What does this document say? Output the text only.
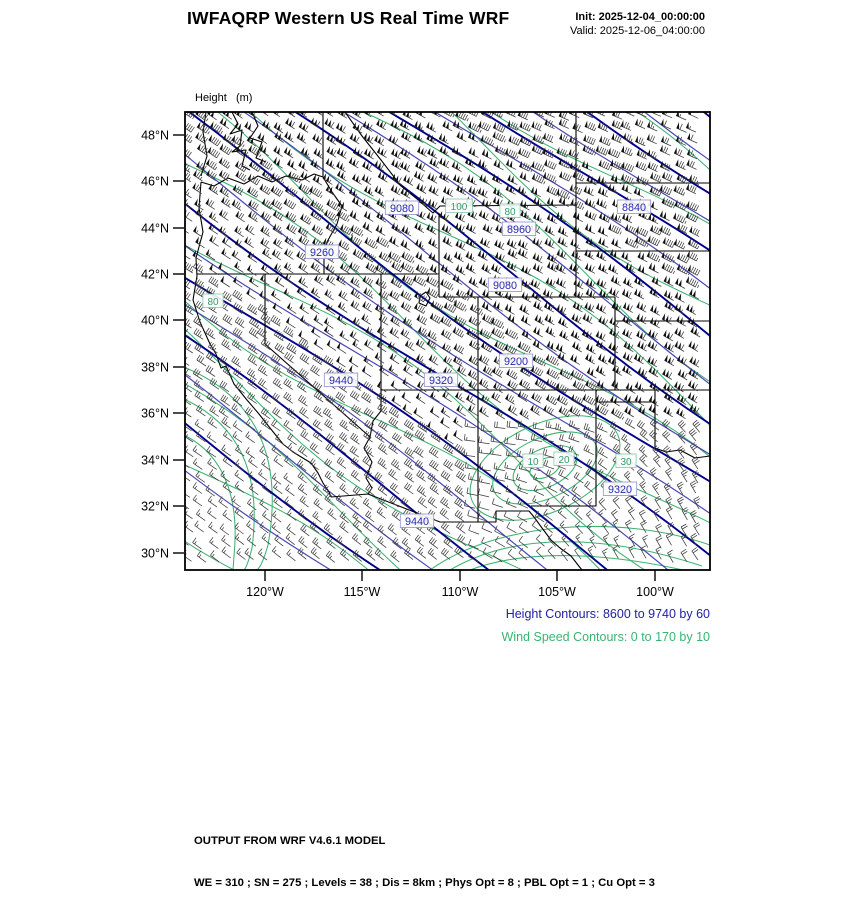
IWFAQRP Western US Real Time WRF	Init: 2025-12-04_00:00:00
Valid: 2025-12-06_04:00:00

Height   (m)

9260
9080
8960
8840
9080
9200
9440	9320
9440
9320
100	80
80
10 20	30
48°N
46°N
44°N
42°N
40°N
38°N
36°N
34°N
32°N
30°N
120°W	115°W	110°W	105°W	100°W
Height Contours: 8600 to 9740 by 60
Wind Speed Contours: 0 to 170 by 10

OUTPUT FROM WRF V4.6.1 MODEL

WE = 310 ; SN = 275 ; Levels = 38 ; Dis = 8km ; Phys Opt = 8 ; PBL Opt = 1 ; Cu Opt = 3
